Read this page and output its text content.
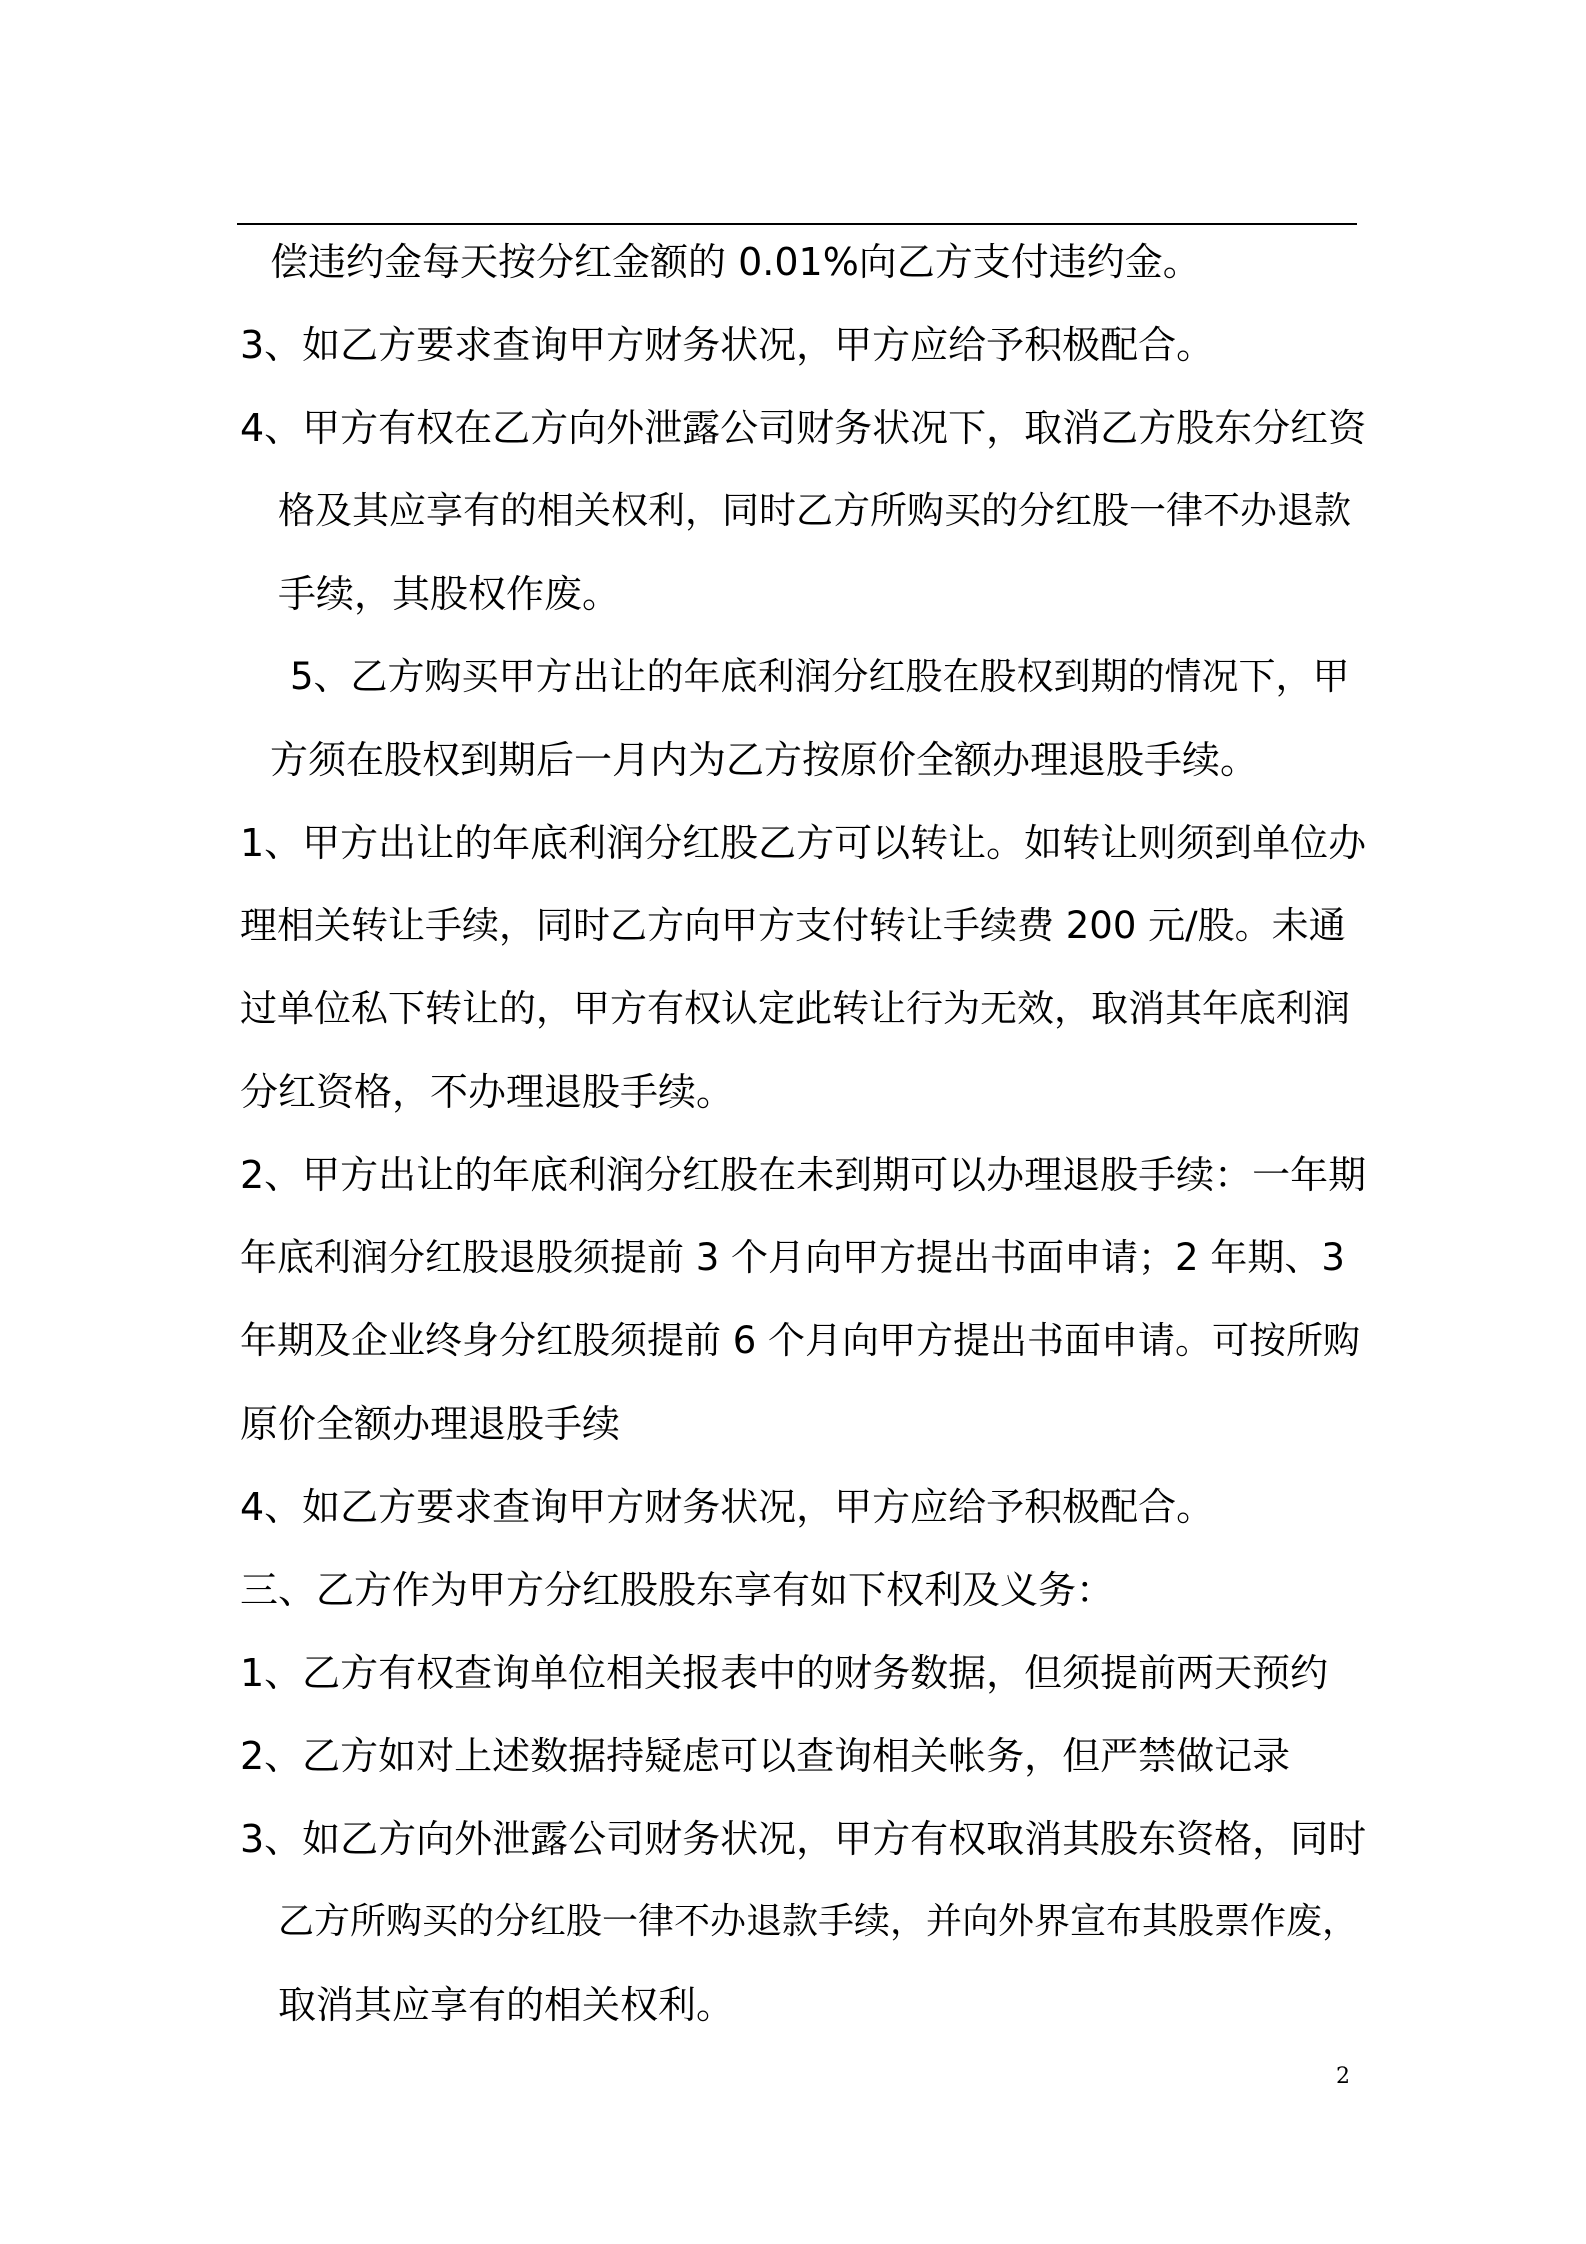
偿违约金每天按分红金额的 0.01%向乙方支付违约金。
3、如乙方要求查询甲方财务状况，甲方应给予积极配合。
4、甲方有权在乙方向外泄露公司财务状况下，取消乙方股东分红资
格及其应享有的相关权利，同时乙方所购买的分红股一律不办退款
手续，其股权作废。
5、乙方购买甲方出让的年底利润分红股在股权到期的情况下，甲
方须在股权到期后一月内为乙方按原价全额办理退股手续。
1、甲方出让的年底利润分红股乙方可以转让。如转让则须到单位办
理相关转让手续，同时乙方向甲方支付转让手续费 200 元/股。未通
过单位私下转让的，甲方有权认定此转让行为无效，取消其年底利润
分红资格，不办理退股手续。
2、甲方出让的年底利润分红股在未到期可以办理退股手续：一年期
年底利润分红股退股须提前 3 个月向甲方提出书面申请；2 年期、3
年期及企业终身分红股须提前 6 个月向甲方提出书面申请。可按所购
原价全额办理退股手续
4、如乙方要求查询甲方财务状况，甲方应给予积极配合。
三、乙方作为甲方分红股股东享有如下权利及义务：
1、乙方有权查询单位相关报表中的财务数据，但须提前两天预约
2、乙方如对上述数据持疑虑可以查询相关帐务，但严禁做记录
3、如乙方向外泄露公司财务状况，甲方有权取消其股东资格，同时
乙方所购买的分红股一律不办退款手续，并向外界宣布其股票作废，
取消其应享有的相关权利。
2
